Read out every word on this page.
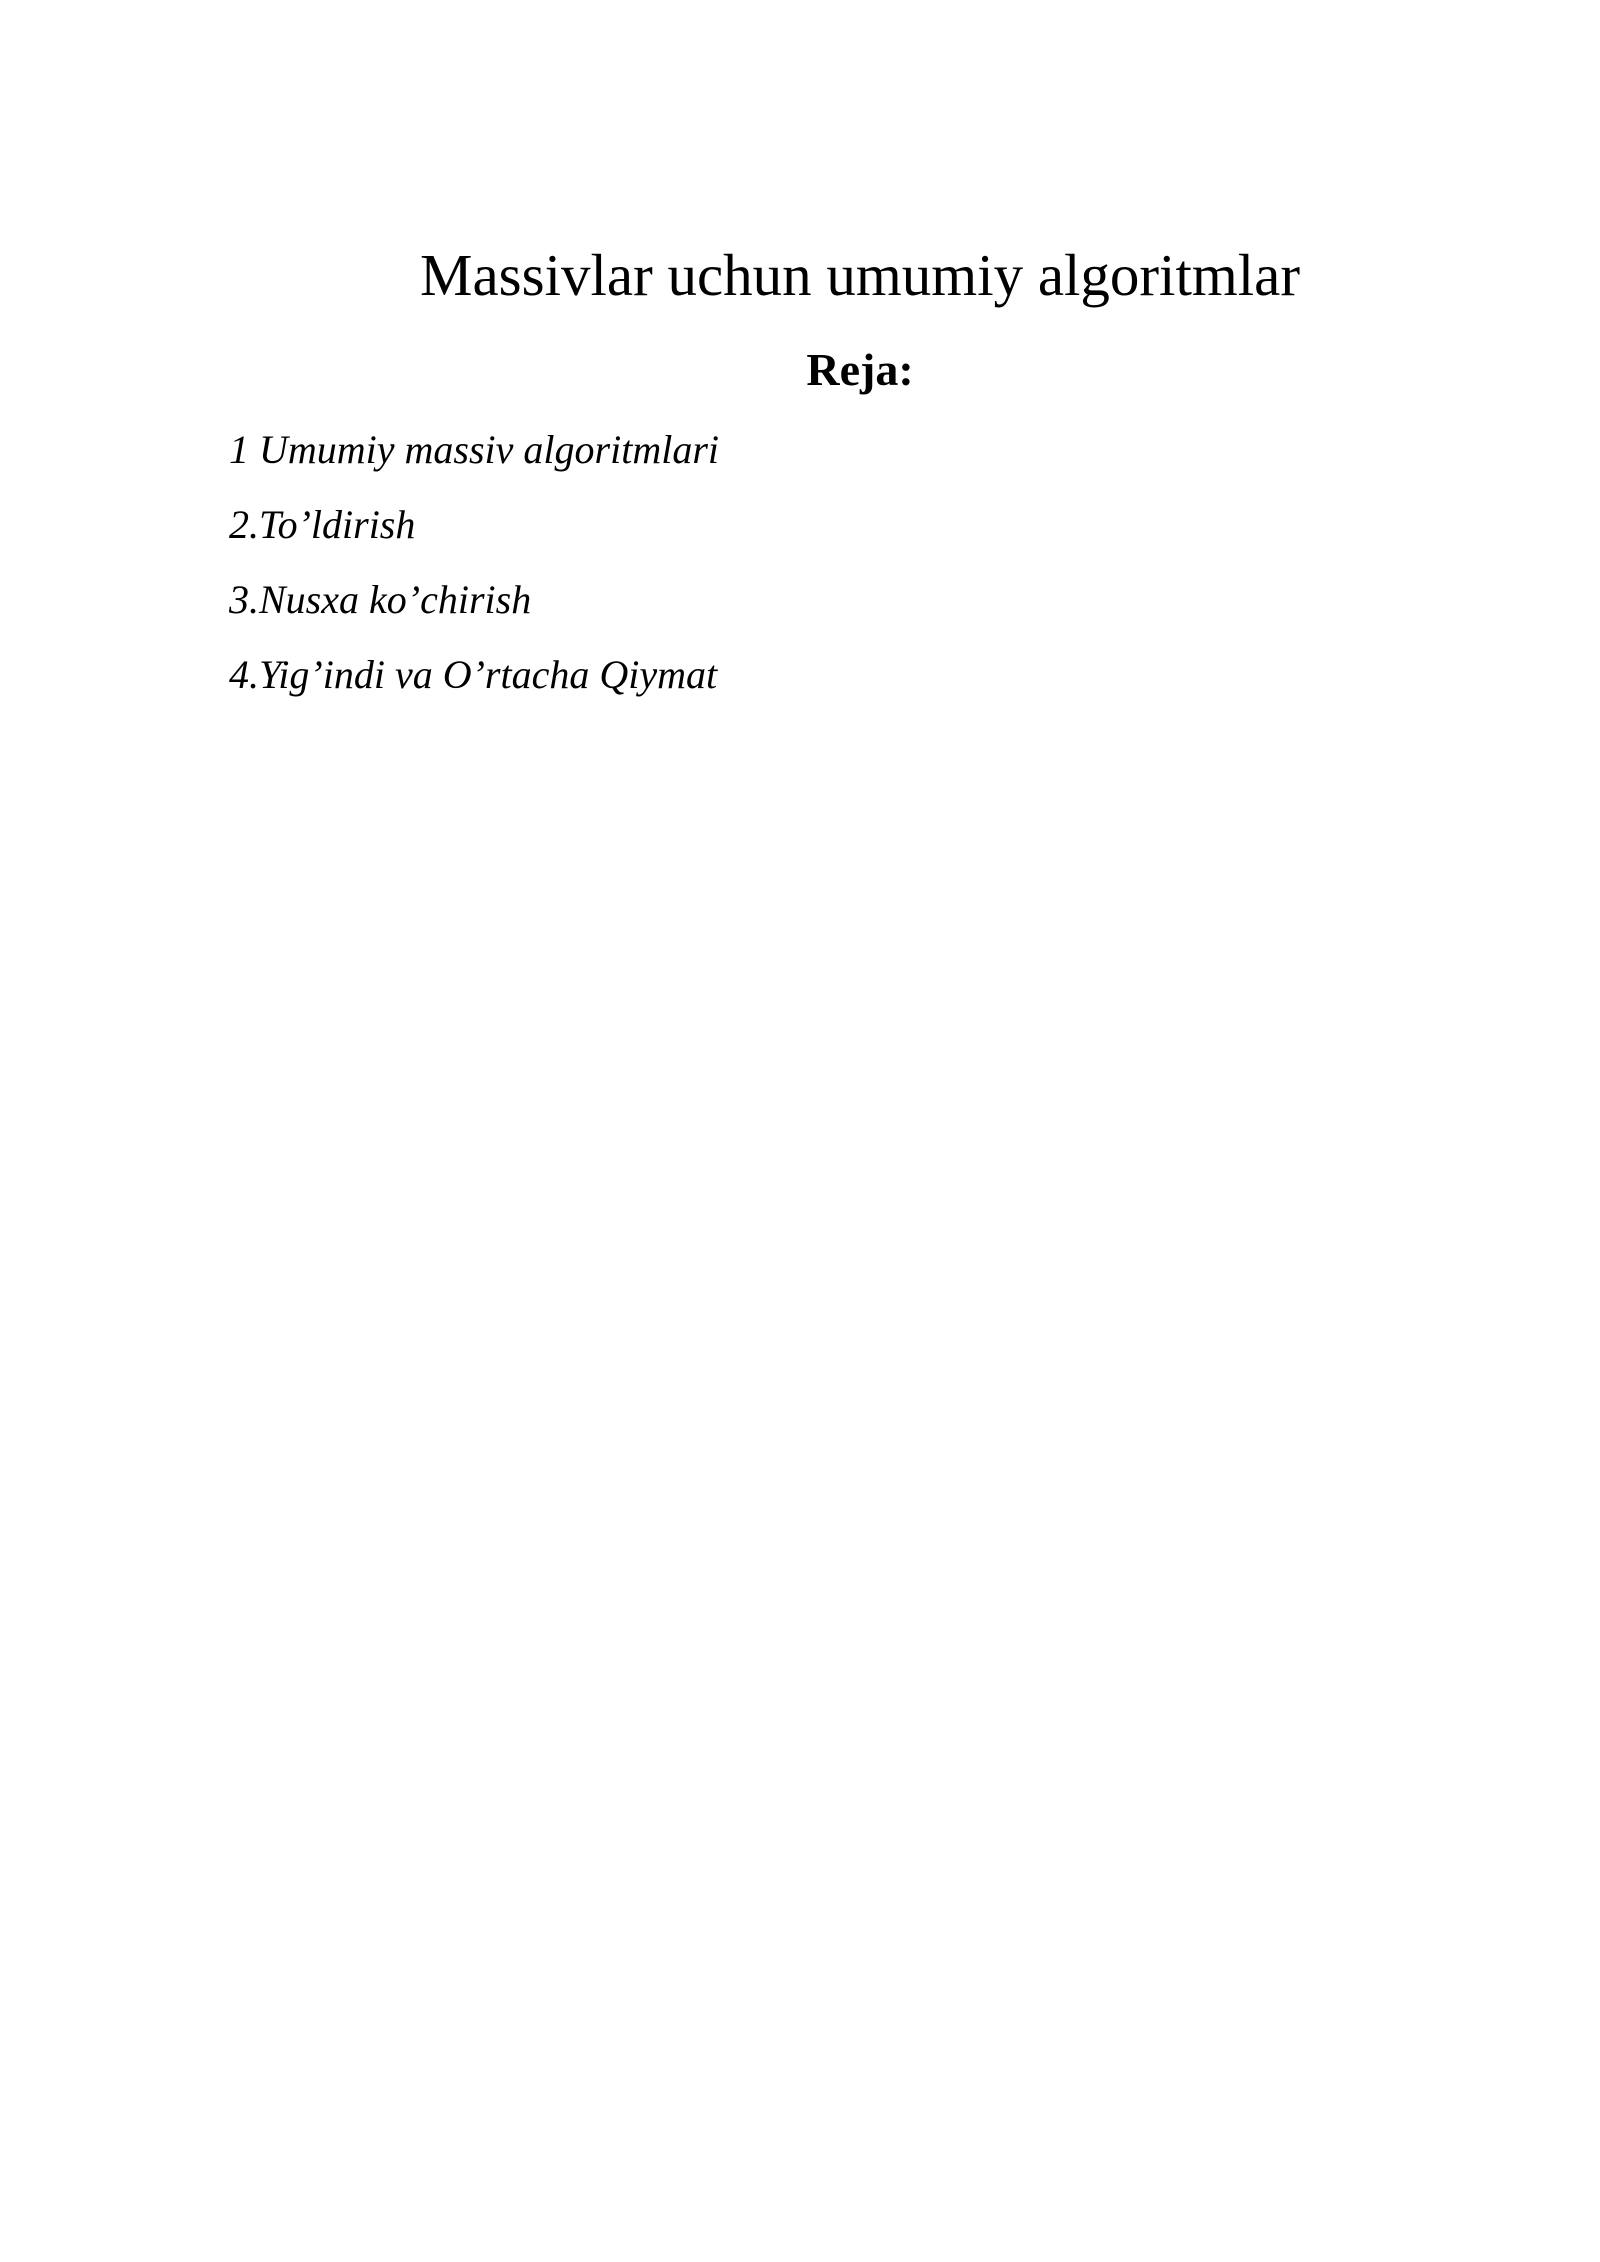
Massivlar uchun umumiy algoritmlar
Reja:
1 Umumiy massiv algoritmlari
2.To’ldirish
3.Nusxa ko’chirish
4.Yig’indi va O’rtacha Qiymat
